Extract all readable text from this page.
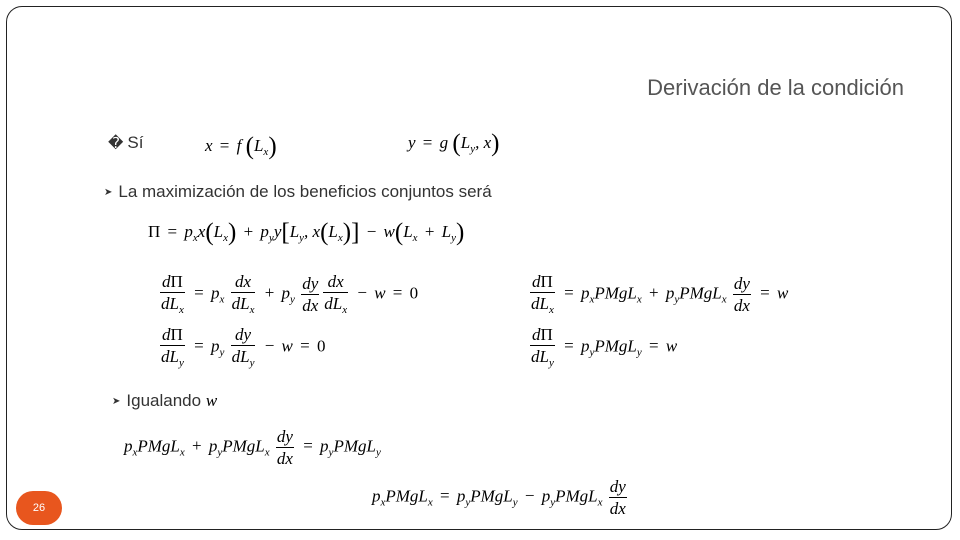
Derivación de la condición
� Sí	x = f $(L_x)$	y = g ($L_y$, x)
➤ La maximización de los beneficios conjuntos será
$\Pi = p_xx(L_x) + p_yy[L_y$, $x(L_x)] - w(L_x + L_y)$
$\frac{d\Pi}{dL_x} = p_x \frac{dx}{dL_x} + p_y \frac{dy}{dx} \frac{dx}{dL_x} - w = 0$
$\frac{d\Pi}{dL_y} = p_y \frac{dy}{dL_y} - w = 0$
$\frac{d\Pi}{dL_x}$ = $p_xPMgL_x$ + $p_yPMgL_x \frac{dy}{dx} = w$
$\frac{d\Pi}{dL_y}$ = $p_yPMgL_y = w$
➤ Igualando w
$p_xPMgL_x$ + $p_yPMgL_x \frac{dy}{dx}$ = $p_yPMgL_y$
$p_xPMgL_x$ = $p_yPMgL_y$ − $p_yPMgL_x \frac{dy}{dx}$
26
